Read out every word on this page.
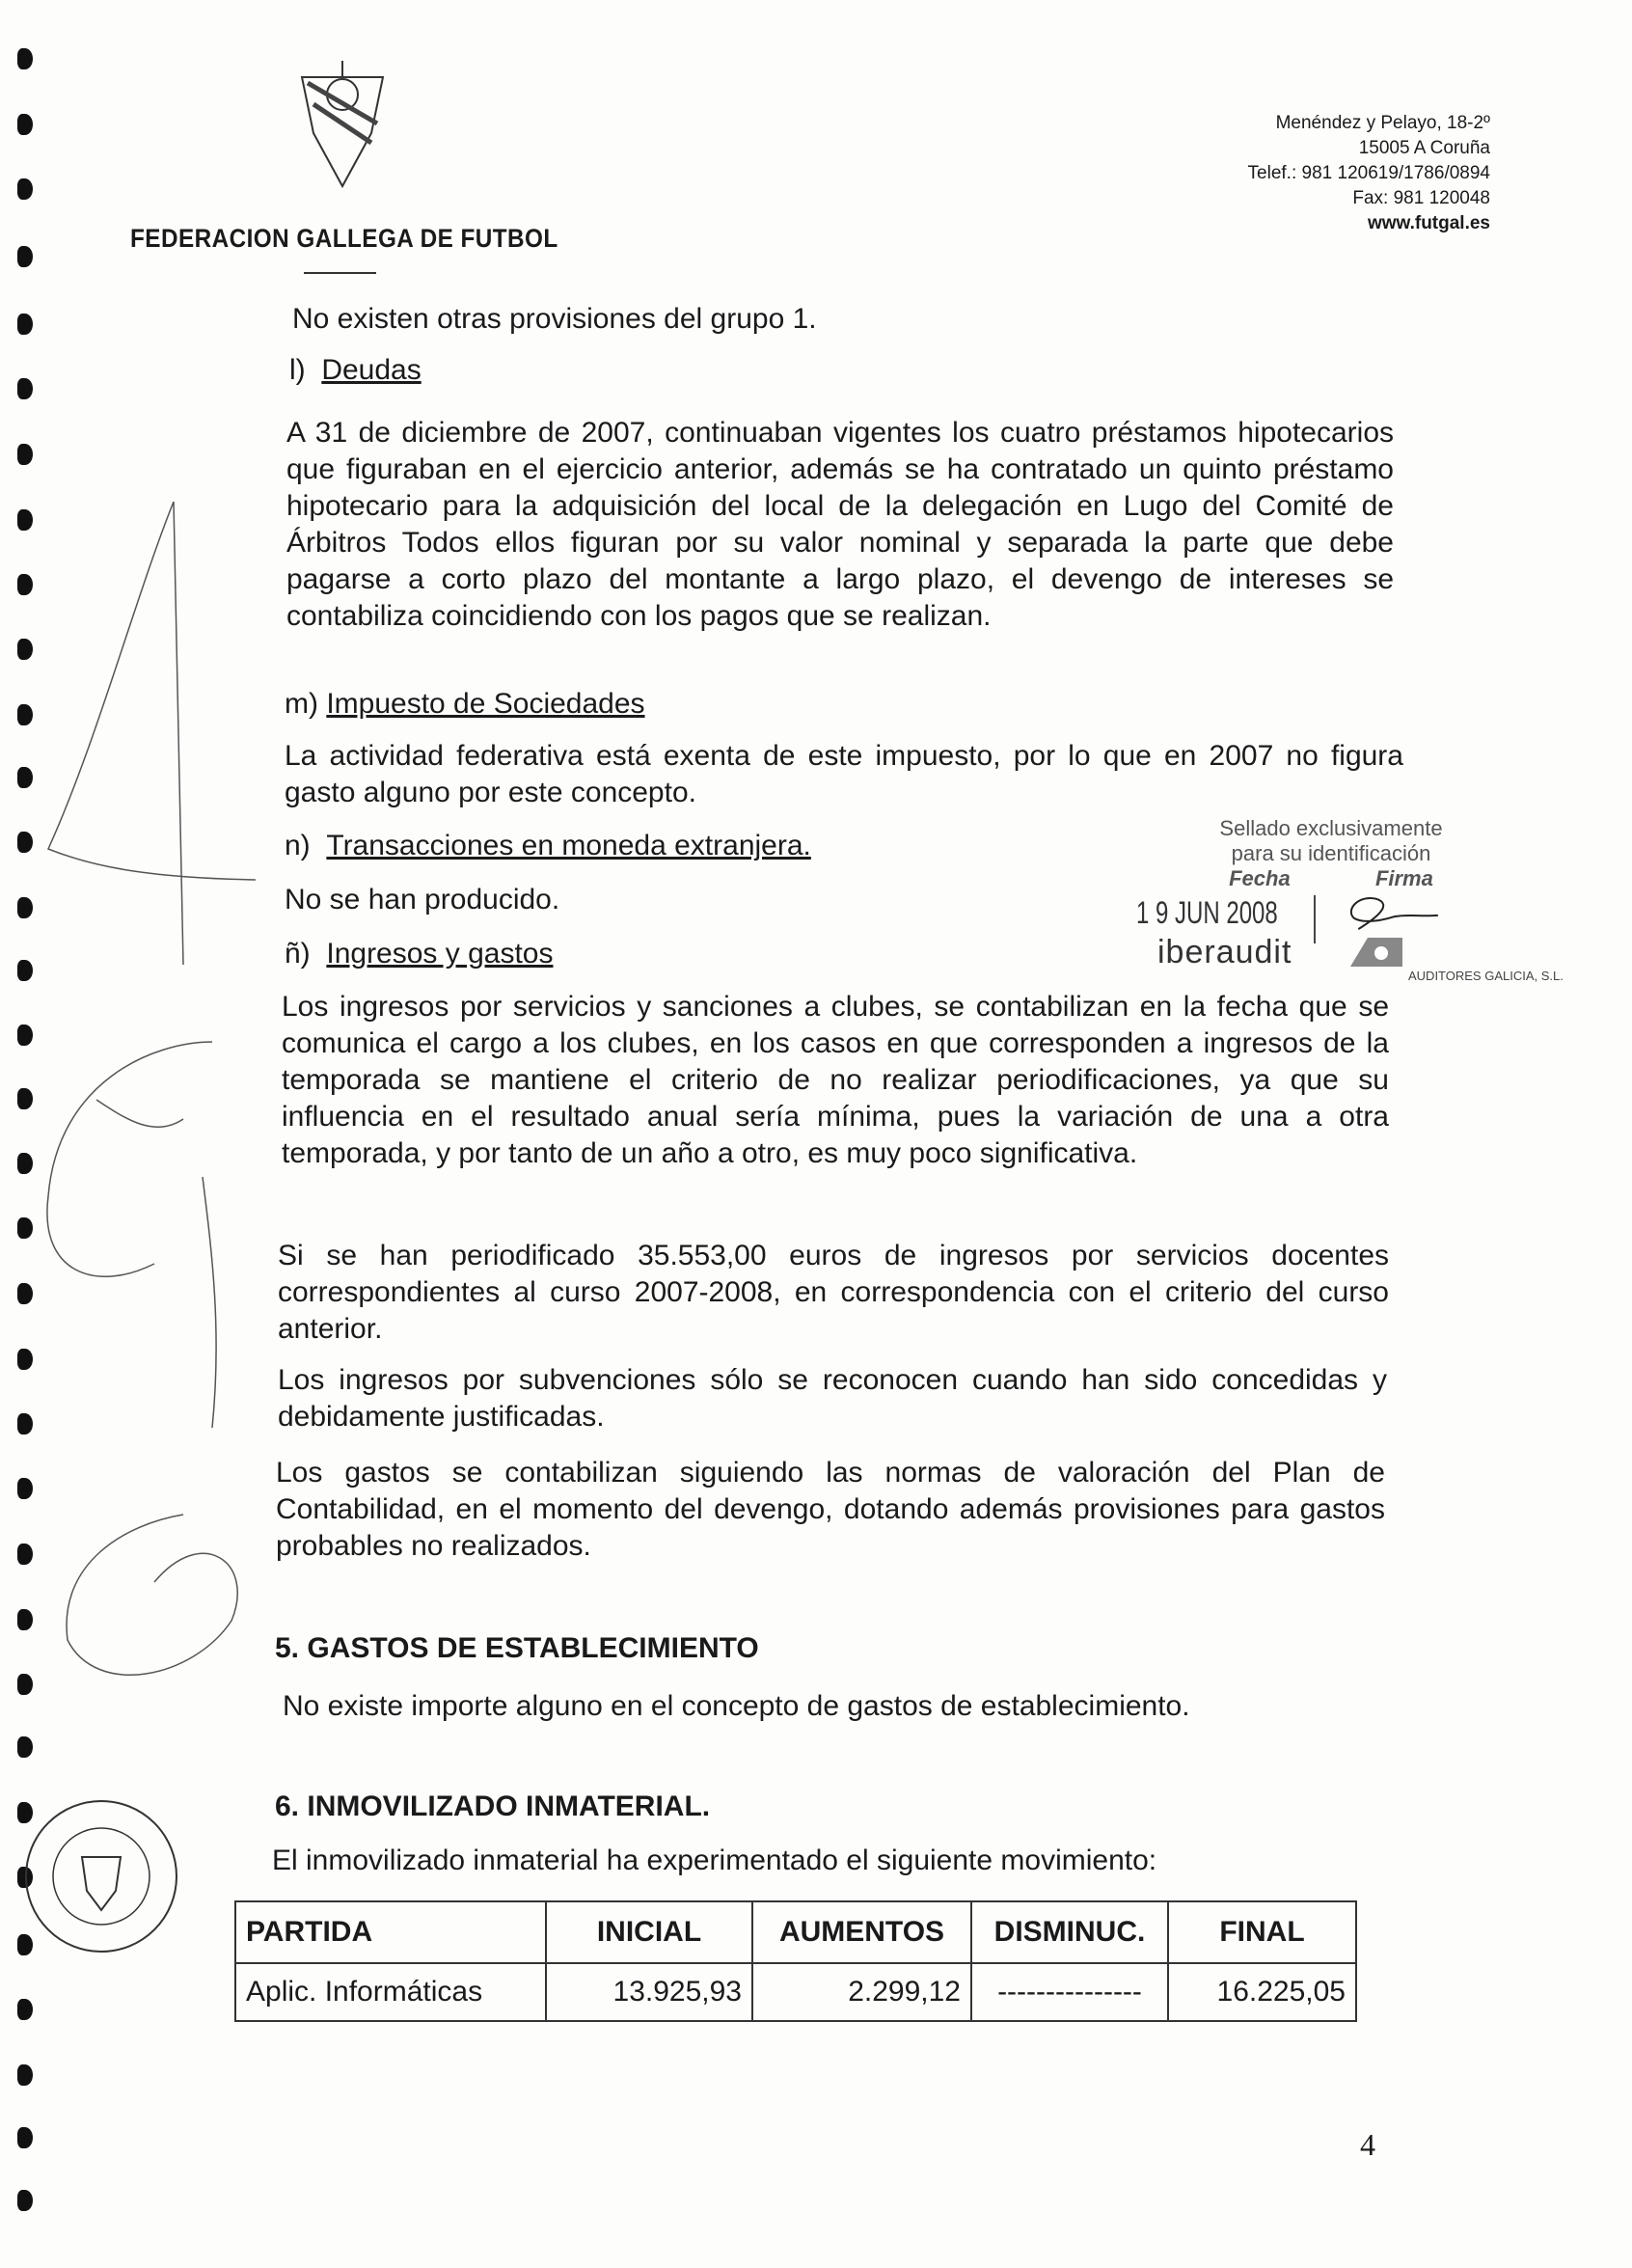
FEDERACION GALLEGA DE FUTBOL
Menéndez y Pelayo, 18-2º
15005 A Coruña
Telef.: 981 120619/1786/0894
Fax: 981 120048
www.futgal.es
No existen otras provisiones del grupo 1.
l) Deudas
A 31 de diciembre de 2007, continuaban vigentes los cuatro préstamos hipotecarios que figuraban en el ejercicio anterior, además se ha contratado un quinto préstamo hipotecario para la adquisición del local de la delegación en Lugo del Comité de Árbitros Todos ellos figuran por su valor nominal y separada la parte que debe pagarse a corto plazo del montante a largo plazo, el devengo de intereses se contabiliza coincidiendo con los pagos que se realizan.
m) Impuesto de Sociedades
La actividad federativa está exenta de este impuesto, por lo que en 2007 no figura gasto alguno por este concepto.
n) Transacciones en moneda extranjera.
No se han producido.
ñ) Ingresos y gastos
Los ingresos por servicios y sanciones a clubes, se contabilizan en la fecha que se comunica el cargo a los clubes, en los casos en que corresponden a ingresos de la temporada se mantiene el criterio de no realizar periodificaciones, ya que su influencia en el resultado anual sería mínima, pues la variación de una a otra temporada, y por tanto de un año a otro, es muy poco significativa.
Si se han periodificado 35.553,00 euros de ingresos por servicios docentes correspondientes al curso 2007-2008, en correspondencia con el criterio del curso anterior.
Los ingresos por subvenciones sólo se reconocen cuando han sido concedidas y debidamente justificadas.
Los gastos se contabilizan siguiendo las normas de valoración del Plan de Contabilidad, en el momento del devengo, dotando además provisiones para gastos probables no realizados.
5. GASTOS DE ESTABLECIMIENTO
No existe importe alguno en el concepto de gastos de establecimiento.
6. INMOVILIZADO INMATERIAL.
El inmovilizado inmaterial ha experimentado el siguiente movimiento:
PARTIDA	INICIAL	AUMENTOS	DISMINUC.	FINAL
Aplic. Informáticas	13.925,93	2.299,12	---------------	16.225,05
Sellado exclusivamente
para su identificación
Fecha	Firma
1 9 JUN 2008
iberaudit
AUDITORES GALICIA, S.L.
4
